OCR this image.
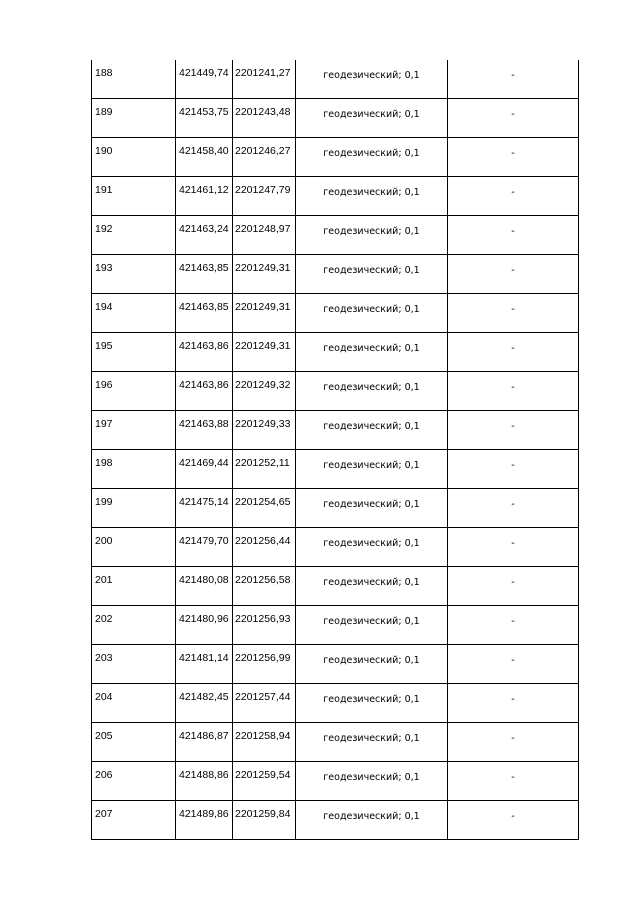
188	421449,74	2201241,27	геодезический; 0,1	-

189	421453,75	2201243,48	геодезический; 0,1	-

190	421458,40	2201246,27	геодезический; 0,1	-

191	421461,12	2201247,79	геодезический; 0,1	-

192	421463,24	2201248,97	геодезический; 0,1	-

193	421463,85	2201249,31	геодезический; 0,1	-

194	421463,85	2201249,31	геодезический; 0,1	-

195	421463,86	2201249,31	геодезический; 0,1	-

196	421463,86	2201249,32	геодезический; 0,1	-

197	421463,88	2201249,33	геодезический; 0,1	-

198	421469,44	2201252,11	геодезический; 0,1	-

199	421475,14	2201254,65	геодезический; 0,1	-

200	421479,70	2201256,44	геодезический; 0,1	-

201	421480,08	2201256,58	геодезический; 0,1	-

202	421480,96	2201256,93	геодезический; 0,1	-

203	421481,14	2201256,99	геодезический; 0,1	-

204	421482,45	2201257,44	геодезический; 0,1	-

205	421486,87	2201258,94	геодезический; 0,1	-

206	421488,86	2201259,54	геодезический; 0,1	-

207	421489,86	2201259,84	геодезический; 0,1	-
